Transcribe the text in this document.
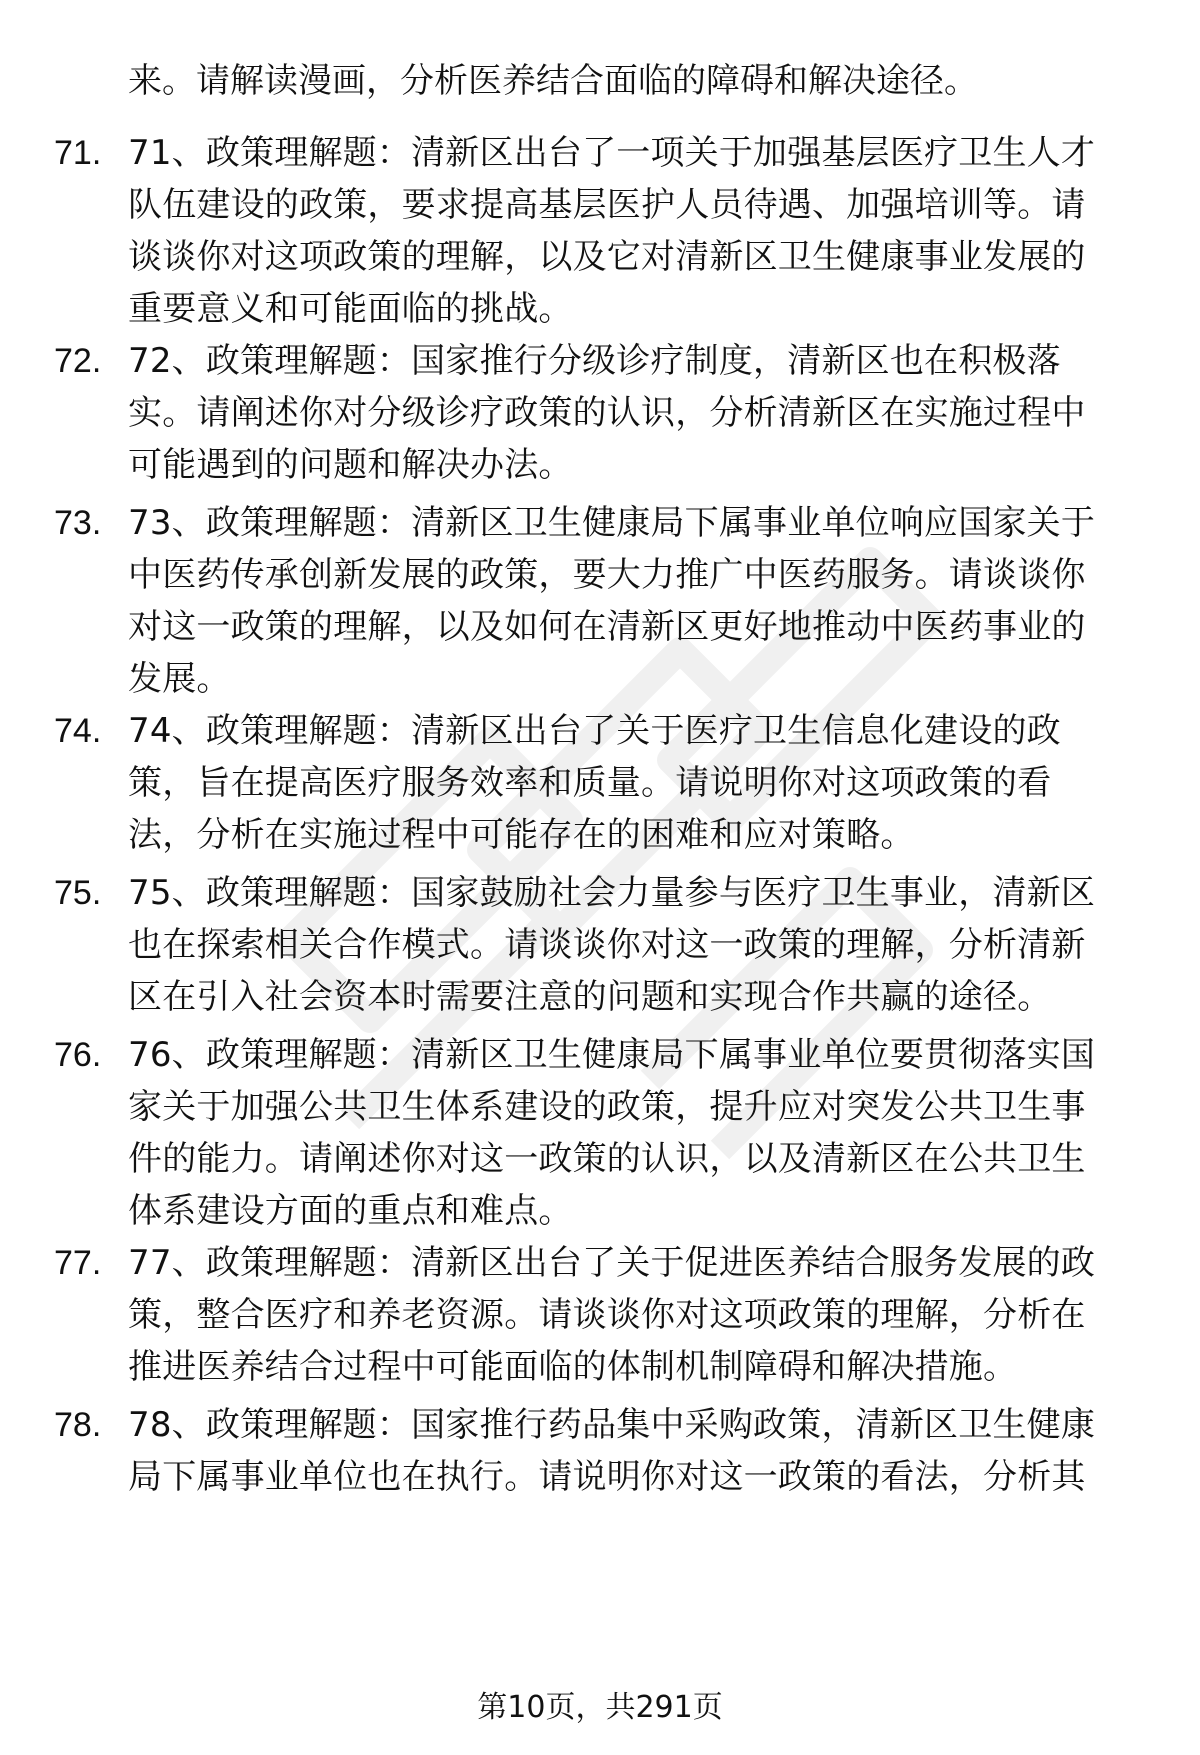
来。请解读漫画，分析医养结合面临的障碍和解决途径。
71. 71、政策理解题：清新区出台了一项关于加强基层医疗卫生人才
队伍建设的政策，要求提高基层医护人员待遇、加强培训等。请
谈谈你对这项政策的理解，以及它对清新区卫生健康事业发展的
重要意义和可能面临的挑战。
72. 72、政策理解题：国家推行分级诊疗制度，清新区也在积极落
实。请阐述你对分级诊疗政策的认识，分析清新区在实施过程中
可能遇到的问题和解决办法。
73. 73、政策理解题：清新区卫生健康局下属事业单位响应国家关于
中医药传承创新发展的政策，要大力推广中医药服务。请谈谈你
对这一政策的理解，以及如何在清新区更好地推动中医药事业的
发展。
74. 74、政策理解题：清新区出台了关于医疗卫生信息化建设的政
策，旨在提高医疗服务效率和质量。请说明你对这项政策的看
法，分析在实施过程中可能存在的困难和应对策略。
75. 75、政策理解题：国家鼓励社会力量参与医疗卫生事业，清新区
也在探索相关合作模式。请谈谈你对这一政策的理解，分析清新
区在引入社会资本时需要注意的问题和实现合作共赢的途径。
76. 76、政策理解题：清新区卫生健康局下属事业单位要贯彻落实国
家关于加强公共卫生体系建设的政策，提升应对突发公共卫生事
件的能力。请阐述你对这一政策的认识，以及清新区在公共卫生
体系建设方面的重点和难点。
77. 77、政策理解题：清新区出台了关于促进医养结合服务发展的政
策，整合医疗和养老资源。请谈谈你对这项政策的理解，分析在
推进医养结合过程中可能面临的体制机制障碍和解决措施。
78. 78、政策理解题：国家推行药品集中采购政策，清新区卫生健康
局下属事业单位也在执行。请说明你对这一政策的看法，分析其
第10页，共291页
